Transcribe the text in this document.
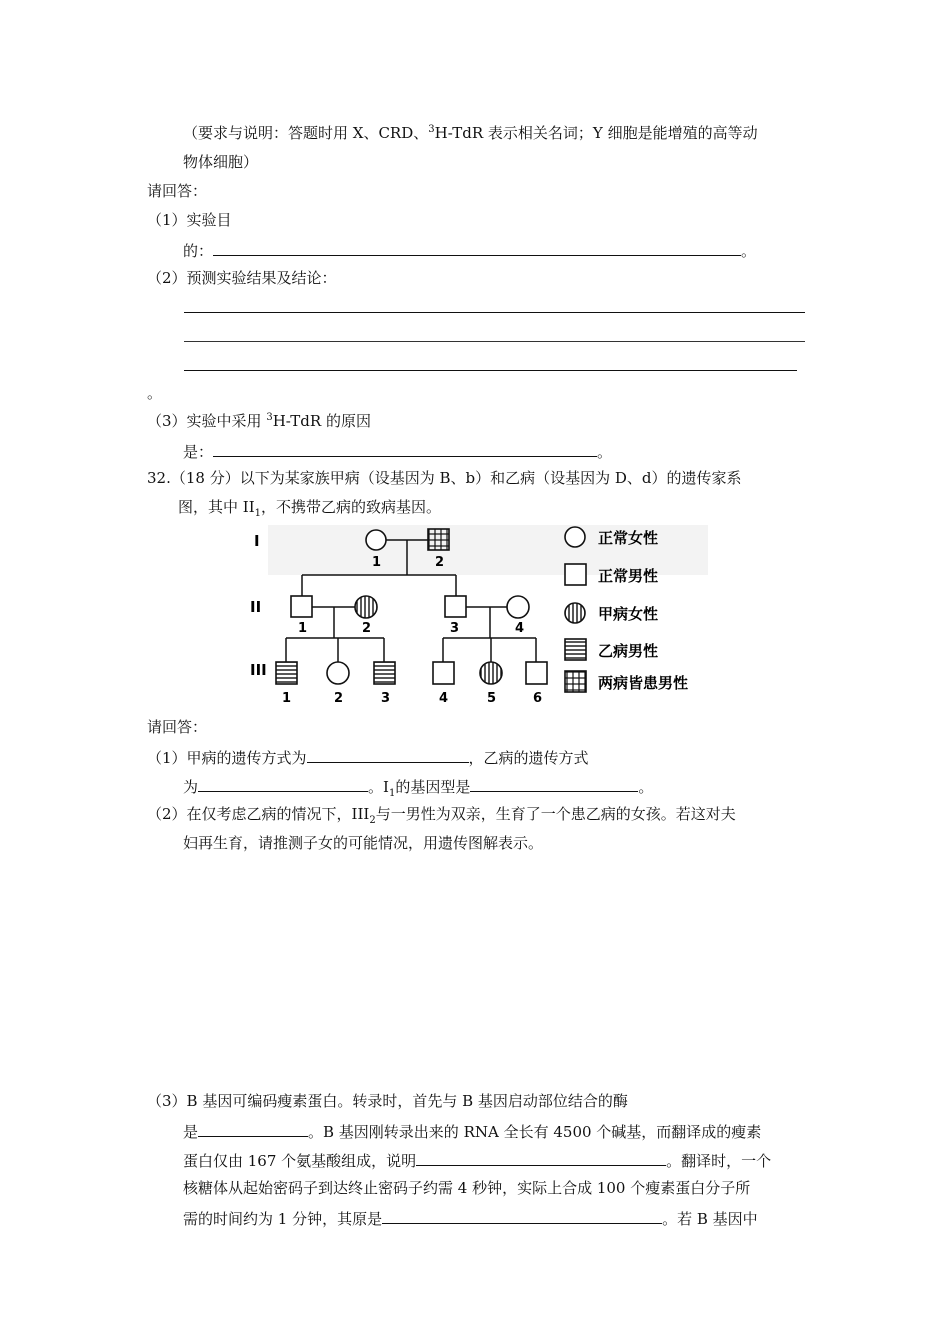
（要求与说明：答题时用 X、CRD、$^3$H-TdR 表示相关名词；Y 细胞是能增殖的高等动
物体细胞）
请回答：
（1）实验目
的：	。
（2）预测实验结果及结论：
。
（3）实验中采用 $^3$H-TdR 的原因
是：	。
32.（18 分）以下为某家族甲病（设基因为 B、b）和乙病（设基因为 D、d）的遗传家系
图，其中 $II_1$，不携带乙病的致病基因。
I
II
III
1	2
1	2	3	4
1	2	3	4	5	6
正常女性
正常男性
甲病女性
乙病男性
两病皆患男性
请回答：
（1）甲病的遗传方式为	，乙病的遗传方式
为	。$I_1$的基因型是	。
（2）在仅考虑乙病的情况下，$III_2$与一男性为双亲，生育了一个患乙病的女孩。若这对夫
妇再生育，请推测子女的可能情况，用遗传图解表示。
（3）B 基因可编码瘦素蛋白。转录时，首先与 B 基因启动部位结合的酶
是	。B 基因刚转录出来的 RNA 全长有 4500 个碱基，而翻译成的瘦素
蛋白仅由 167 个氨基酸组成，说明	。翻译时，一个
核糖体从起始密码子到达终止密码子约需 4 秒钟，实际上合成 100 个瘦素蛋白分子所
需的时间约为 1 分钟，其原是	。若 B 基因中
